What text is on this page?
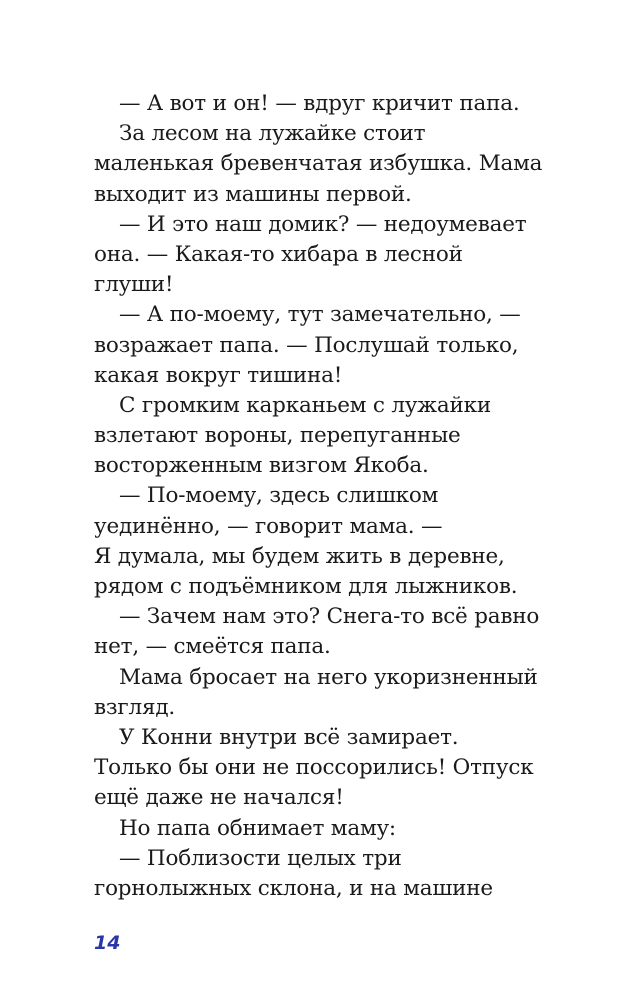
— А вот и он! — вдруг кричит папа.
За лесом на лужайке стоит
маленькая бревенчатая избушка. Мама
выходит из машины первой.
— И это наш домик? — недоумевает
она. — Какая-то хибара в лесной
глуши!
— А по-моему, тут замечательно, —
возражает папа. — Послушай только,
какая вокруг тишина!
С громким карканьем с лужайки
взлетают вороны, перепуганные
восторженным визгом Якоба.
— По-моему, здесь слишком
уединённо, — говорит мама. —
Я думала, мы будем жить в деревне,
рядом с подъёмником для лыжников.
— Зачем нам это? Снега-то всё равно
нет, — смеётся папа.
Мама бросает на него укоризненный
взгляд.
У Конни внутри всё замирает.
Только бы они не поссорились! Отпуск
ещё даже не начался!
Но папа обнимает маму:
— Поблизости целых три
горнолыжных склона, и на машине
14
